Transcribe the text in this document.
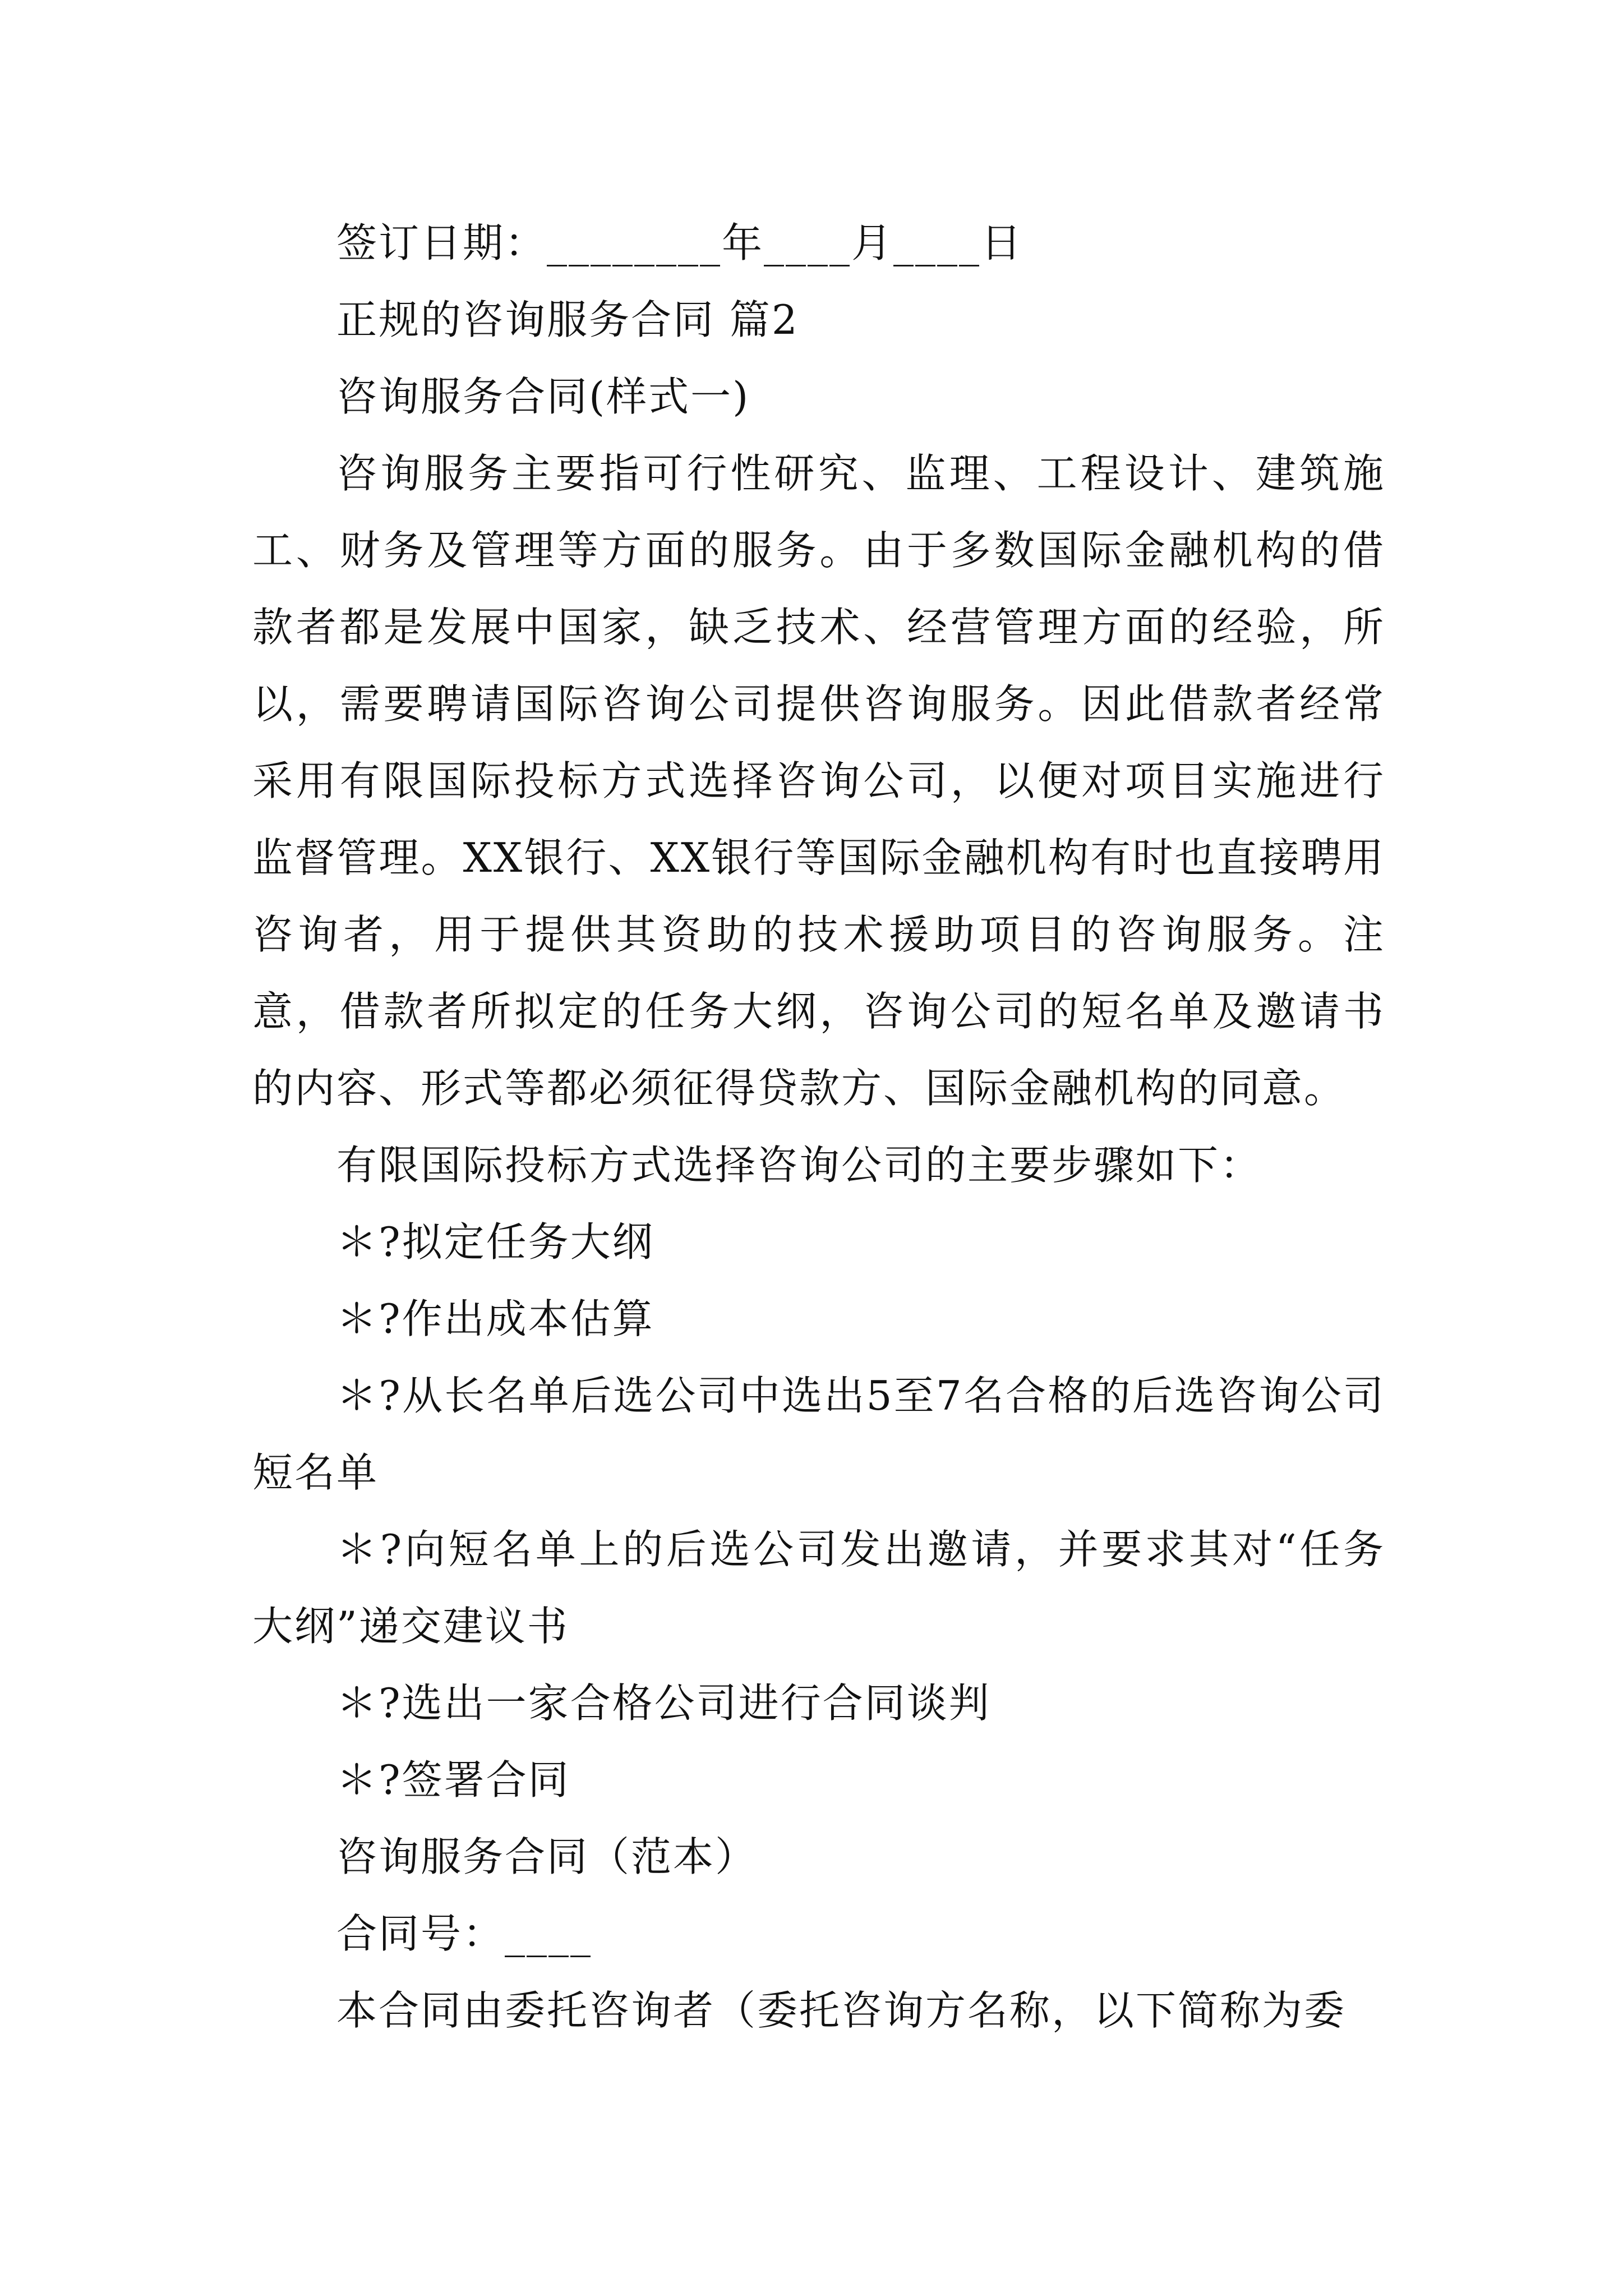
签订日期：________年____月____日
正规的咨询服务合同 篇2
咨询服务合同(样式一)

咨询服务主要指可行性研究、监理、工程设计、建筑施工、财务及管理等方面的服务。由于多数国际金融机构的借款者都是发展中国家，缺乏技术、经营管理方面的经验，所以，需要聘请国际咨询公司提供咨询服务。因此借款者经常采用有限国际投标方式选择咨询公司，以便对项目实施进行监督管理。XX银行、XX银行等国际金融机构有时也直接聘用咨询者，用于提供其资助的技术援助项目的咨询服务。注意，借款者所拟定的任务大纲，咨询公司的短名单及邀请书的内容、形式等都必须征得贷款方、国际金融机构的同意。

有限国际投标方式选择咨询公司的主要步骤如下：
＊?拟定任务大纲
＊?作出成本估算

＊?从长名单后选公司中选出5至7名合格的后选咨询公司短名单

＊?向短名单上的后选公司发出邀请，并要求其对“任务大纲”递交建议书

＊?选出一家合格公司进行合同谈判
＊?签署合同
咨询服务合同（范本）
合同号：____
本合同由委托咨询者（委托咨询方名称，以下简称为委
